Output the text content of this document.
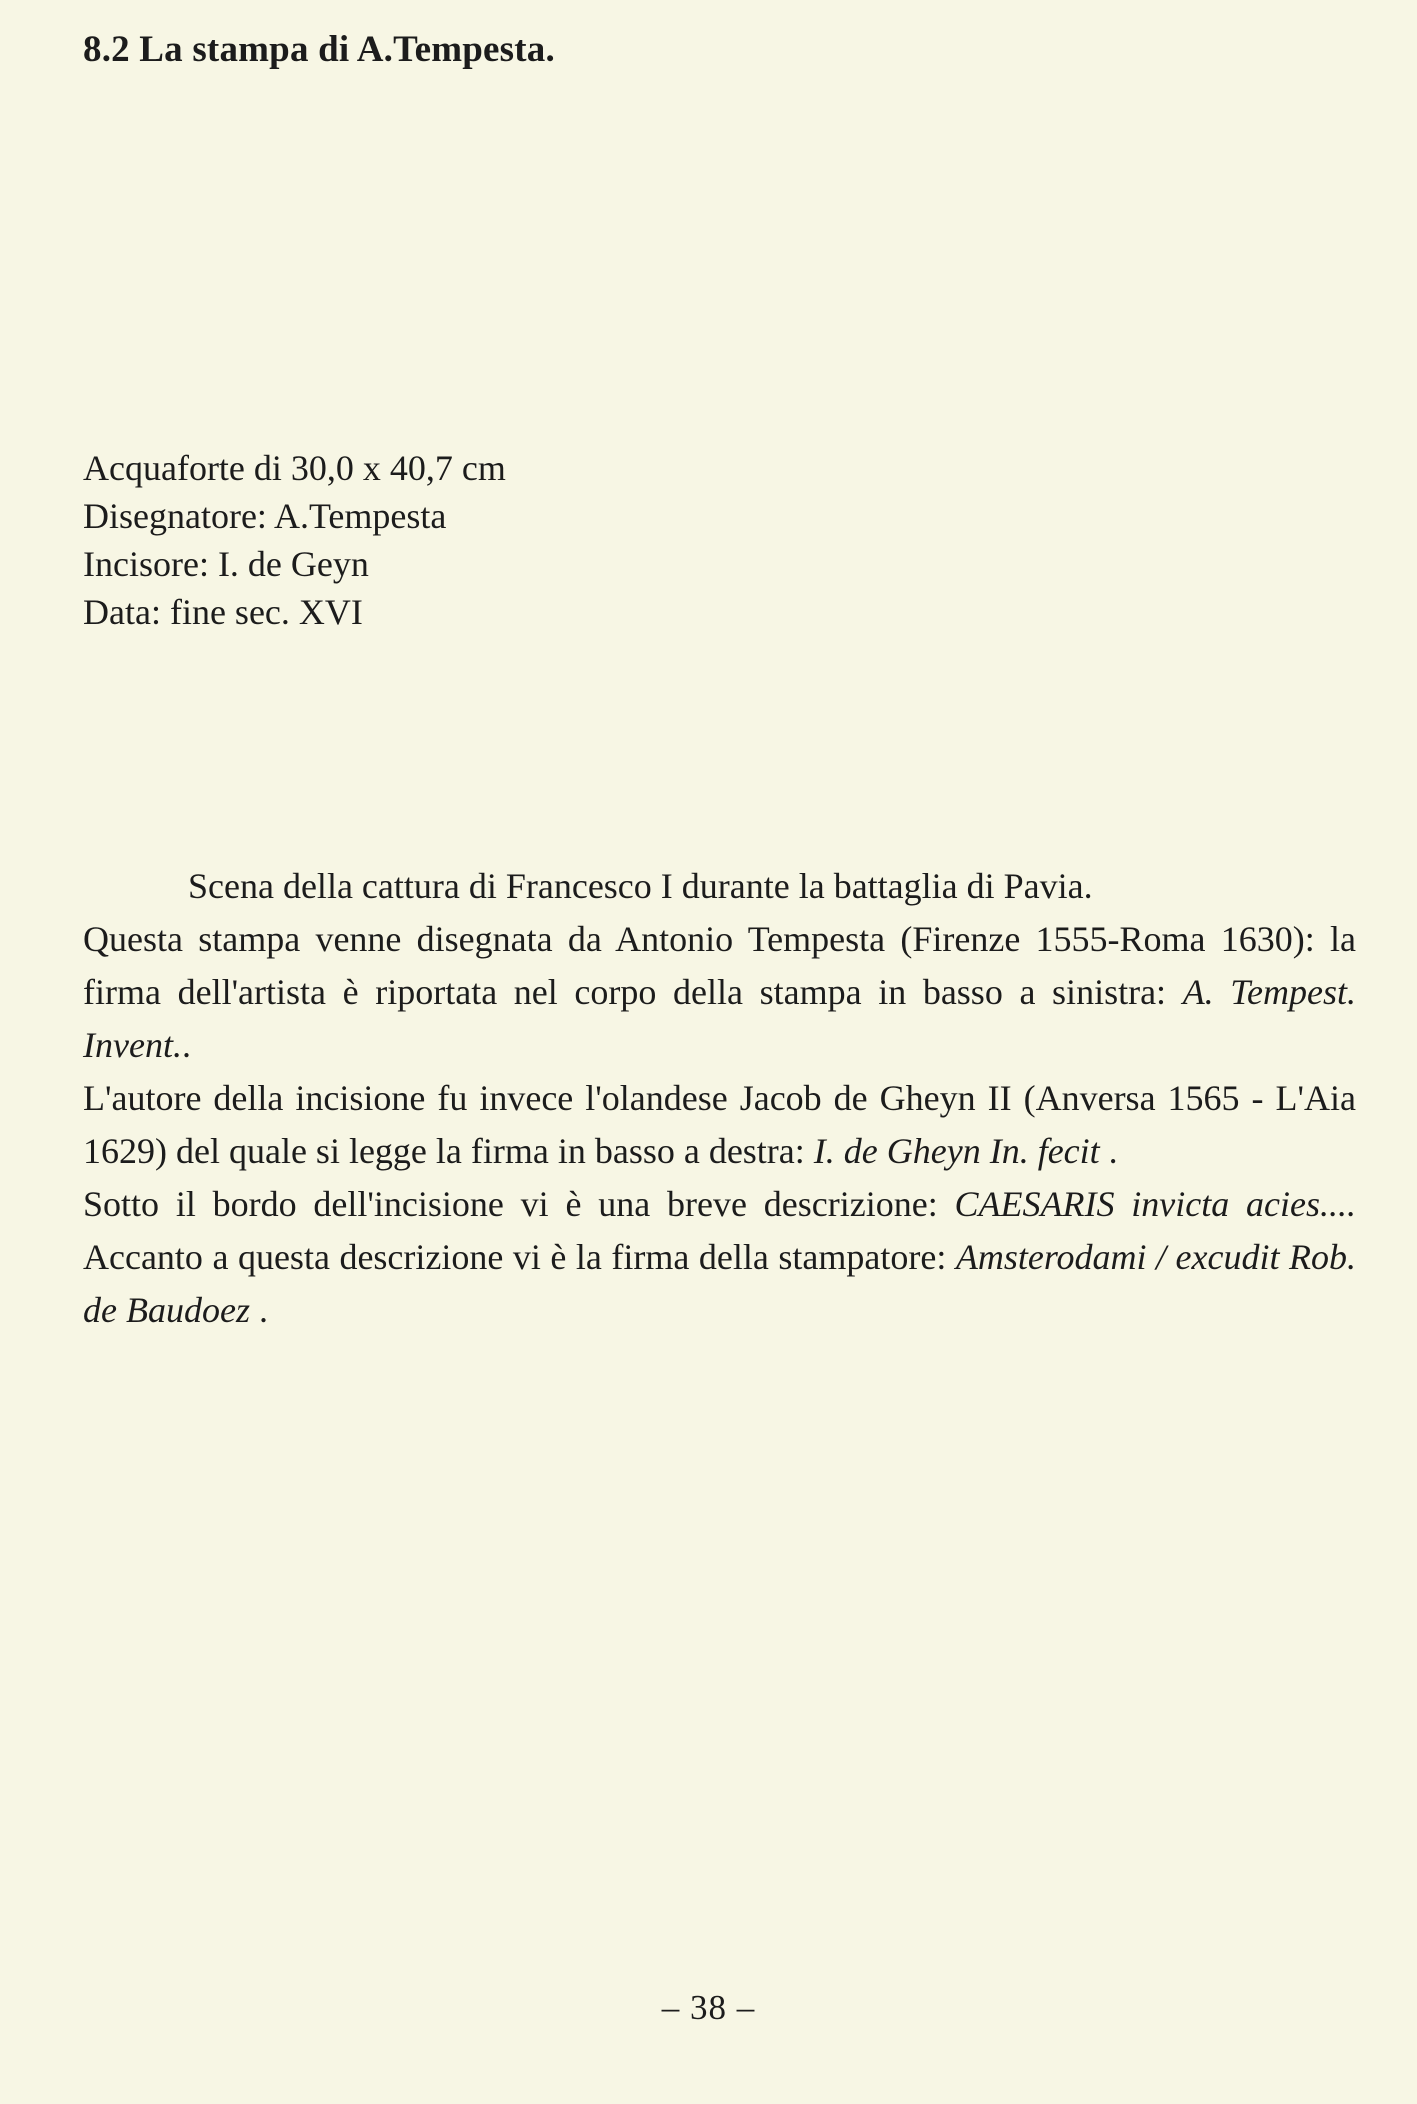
8.2 La stampa di A.Tempesta.
Acquaforte di 30,0 x 40,7 cm
Disegnatore: A.Tempesta
Incisore: I. de Geyn
Data: fine sec. XVI

Scena della cattura di Francesco I durante la battaglia di Pavia.

Questa stampa venne disegnata da Antonio Tempesta (Firenze 1555-Roma 1630): la firma dell'artista è riportata nel corpo della stampa in basso a sinistra: A. Tempest. Invent..

L'autore della incisione fu invece l'olandese Jacob de Gheyn II (Anversa 1565 - L'Aia 1629) del quale si legge la firma in basso a destra: I. de Gheyn In. fecit .

Sotto il bordo dell'incisione vi è una breve descrizione: CAESARIS invicta acies.... Accanto a questa descrizione vi è la firma della stampatore: Amsterodami / excudit Rob. de Baudoez .

– 38 –
